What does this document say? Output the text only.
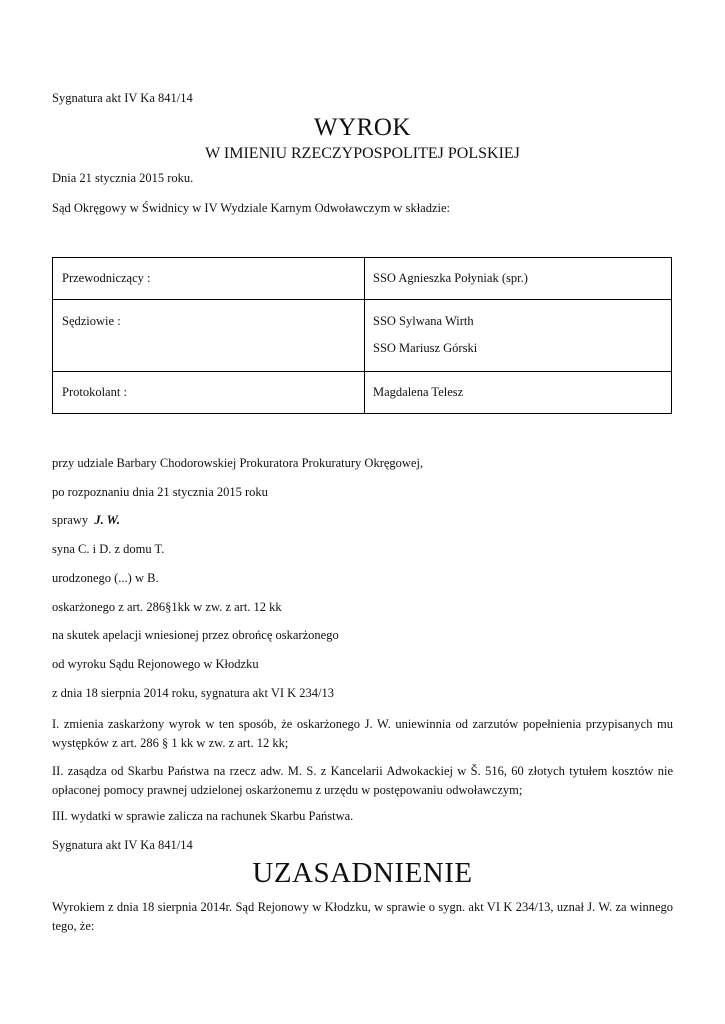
Sygnatura akt IV Ka 841/14
WYROK
W IMIENIU RZECZYPOSPOLITEJ POLSKIEJ
Dnia 21 stycznia 2015 roku.
Sąd Okręgowy w Świdnicy w IV Wydziale Karnym Odwoławczym w składzie:
Przewodniczący :	SSO Agnieszka Połyniak (spr.)
Sędziowie :	SSO Sylwana Wirth
SSO Mariusz Górski
Protokolant :	Magdalena Telesz
przy udziale Barbary Chodorowskiej Prokuratora Prokuratury Okręgowej,
po rozpoznaniu dnia 21 stycznia 2015 roku
sprawy J. W.
syna C. i D. z domu T.
urodzonego (...) w B.
oskarżonego z art. 286§1kk w zw. z art. 12 kk
na skutek apelacji wniesionej przez obrońcę oskarżonego
od wyroku Sądu Rejonowego w Kłodzku
z dnia 18 sierpnia 2014 roku, sygnatura akt VI K 234/13
I. zmienia zaskarżony wyrok w ten sposób, że oskarżonego J. W. uniewinnia od zarzutów popełnienia przypisanych mu występków z art. 286 § 1 kk w zw. z art. 12 kk;
II. zasądza od Skarbu Państwa na rzecz adw. M. S. z Kancelarii Adwokackiej w Š. 516, 60 złotych tytułem kosztów nie opłaconej pomocy prawnej udzielonej oskarżonemu z urzędu w postępowaniu odwoławczym;
III. wydatki w sprawie zalicza na rachunek Skarbu Państwa.
Sygnatura akt IV Ka 841/14
UZASADNIENIE
Wyrokiem z dnia 18 sierpnia 2014r. Sąd Rejonowy w Kłodzku, w sprawie o sygn. akt VI K 234/13, uznał J. W. za winnego tego, że:
